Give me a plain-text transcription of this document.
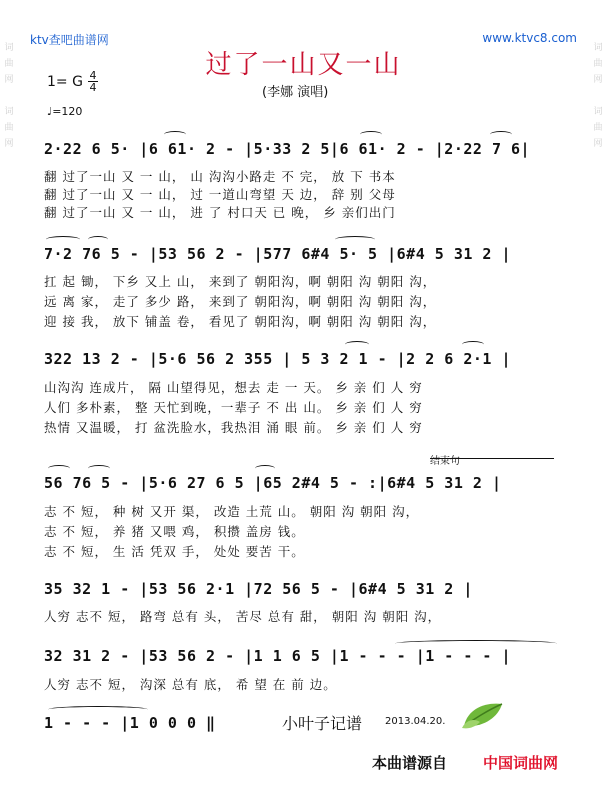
词
曲
网

词
曲
网
词
曲
网

词
曲
网
ktv查吧曲谱网	www.ktvc8.com
过了一山又一山
(李娜 演唱)
1= G 4
4
♩=120
2·22 6 5· |6 61· 2 - |5·33 2 5|6 61· 2 - |2·22 7 6|
翻 过了一山 又 一 山， 山 沟沟小路走 不 完， 放 下 书本
翻 过了一山 又 一 山， 过 一道山弯望 天 边， 辞 别 父母
翻 过了一山 又 一 山， 进 了 村口天 已 晚， 乡 亲们出门
7·2 76 5 - |53 56 2 - |577 6#4 5· 5 |6#4 5 31 2 |
扛 起 锄， 下乡 又上 山， 来到了 朝阳沟，啊 朝阳 沟 朝阳 沟，
远 离 家， 走了 多少 路， 来到了 朝阳沟，啊 朝阳 沟 朝阳 沟，
迎 接 我， 放下 铺盖 卷， 看见了 朝阳沟，啊 朝阳 沟 朝阳 沟，
322 13 2 - |5·6 56 2 355 | 5 3 2 1 - |2 2 6 2·1 |
山沟沟 连成片， 隔 山望得见，想去 走 一 天。 乡 亲 们 人 穷
人们 多朴素， 整 天忙到晚，一辈子 不 出 山。 乡 亲 们 人 穷
热情 又温暖， 打 盆洗脸水，我热泪 涌 眼 前。 乡 亲 们 人 穷
结束句
56 76 5 - |5·6 27 6 5 |65 2#4 5 - :|6#4 5 31 2 |
志 不 短， 种 树 又开 渠， 改造 土荒 山。 朝阳 沟 朝阳 沟，
志 不 短， 养 猪 又喂 鸡， 积攒 盖房 钱。
志 不 短， 生 活 凭双 手， 处处 要苦 干。
35 32 1 - |53 56 2·1 |72 56 5 - |6#4 5 31 2 |
人穷 志不 短， 路弯 总有 头， 苦尽 总有 甜， 朝阳 沟 朝阳 沟，
32 31 2 - |53 56 2 - |1 1 6 5 |1 - - - |1 - - - |
人穷 志不 短， 沟深 总有 底， 希 望 在 前 边。
1 - - - |1 0 0 0 ‖	小叶子记谱 2013.04.20.
本曲谱源自 中国词曲网
